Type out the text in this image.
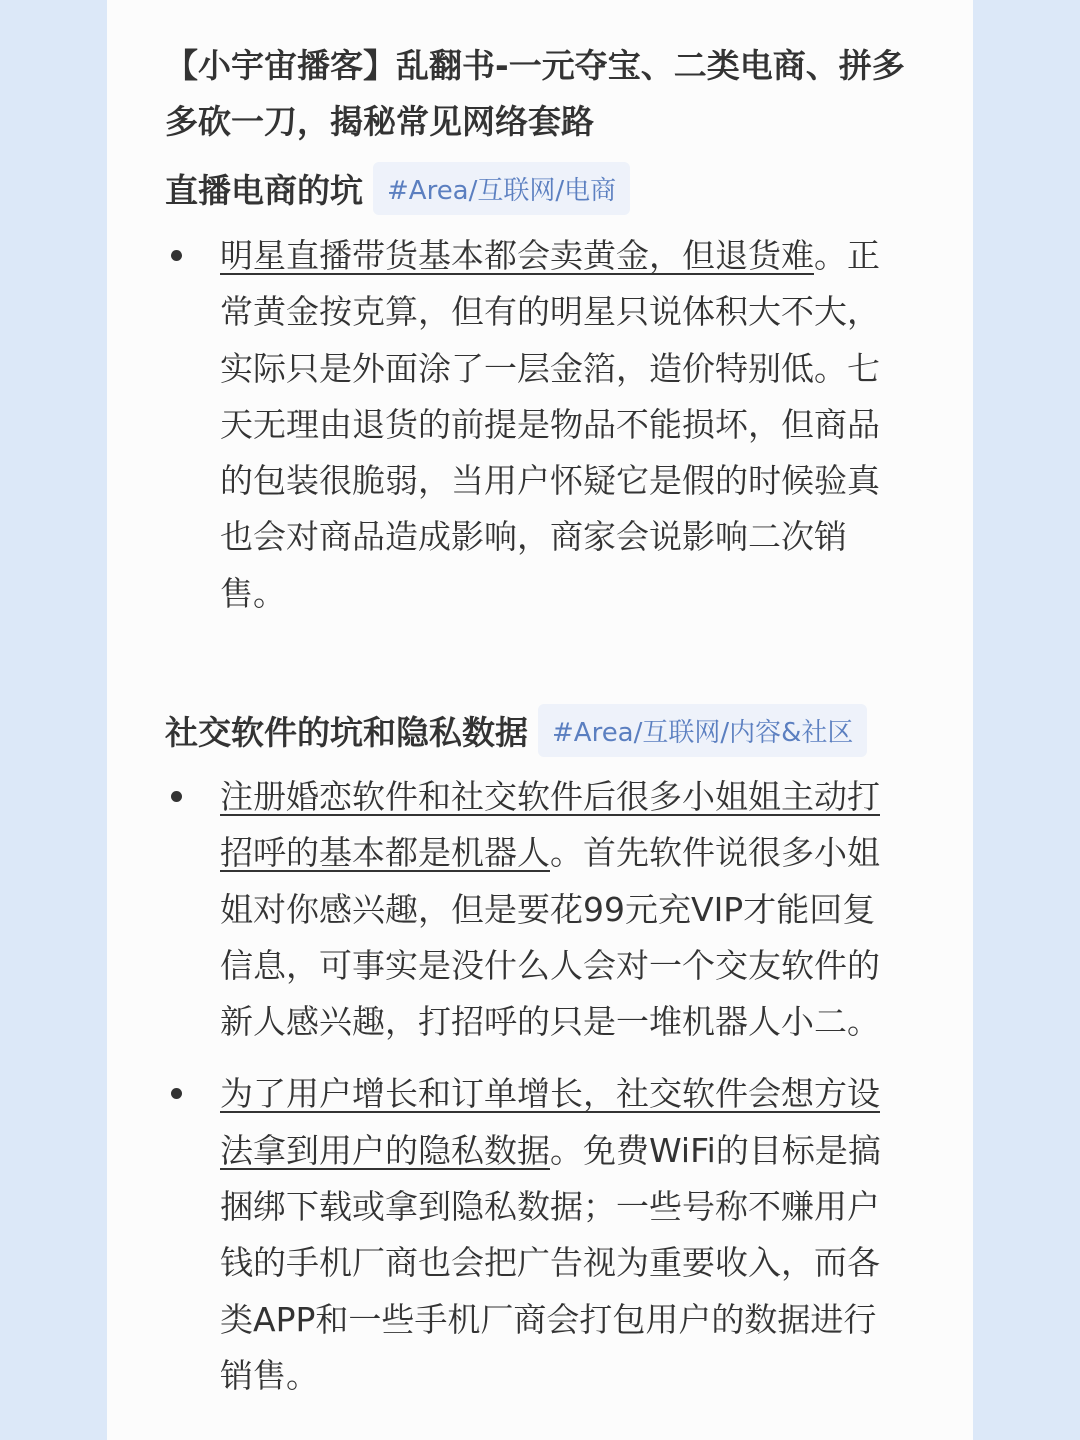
【小宇宙播客】乱翻书-一元夺宝、二类电商、拼多多砍一刀，揭秘常见网络套路
直播电商的坑 #Area/互联网/电商
明星直播带货基本都会卖黄金，但退货难。正常黄金按克算，但有的明星只说体积大不大，实际只是外面涂了一层金箔，造价特别低。七天无理由退货的前提是物品不能损坏，但商品的包装很脆弱，当用户怀疑它是假的时候验真也会对商品造成影响，商家会说影响二次销售。
社交软件的坑和隐私数据 #Area/互联网/内容&社区
注册婚恋软件和社交软件后很多小姐姐主动打招呼的基本都是机器人。首先软件说很多小姐姐对你感兴趣，但是要花99元充VIP才能回复信息，可事实是没什么人会对一个交友软件的新人感兴趣，打招呼的只是一堆机器人小二。
为了用户增长和订单增长，社交软件会想方设法拿到用户的隐私数据。免费WiFi的目标是搞捆绑下载或拿到隐私数据；一些号称不赚用户钱的手机厂商也会把广告视为重要收入，而各类APP和一些手机厂商会打包用户的数据进行销售。
